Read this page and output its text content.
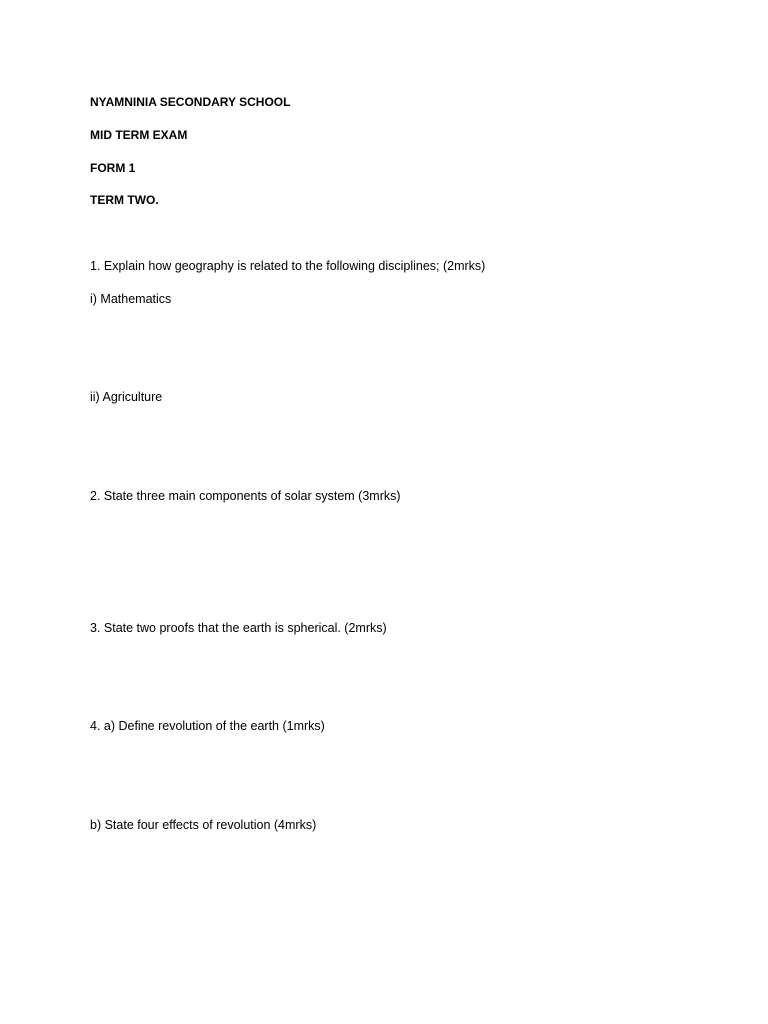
NYAMNINIA SECONDARY SCHOOL

MID TERM EXAM

FORM 1

TERM TWO.

1. Explain how geography is related to the following disciplines; (2mrks)

i) Mathematics

ii) Agriculture

2. State three main components of solar system (3mrks)

3. State two proofs that the earth is spherical. (2mrks)

4. a) Define revolution of the earth (1mrks)

b) State four effects of revolution (4mrks)
